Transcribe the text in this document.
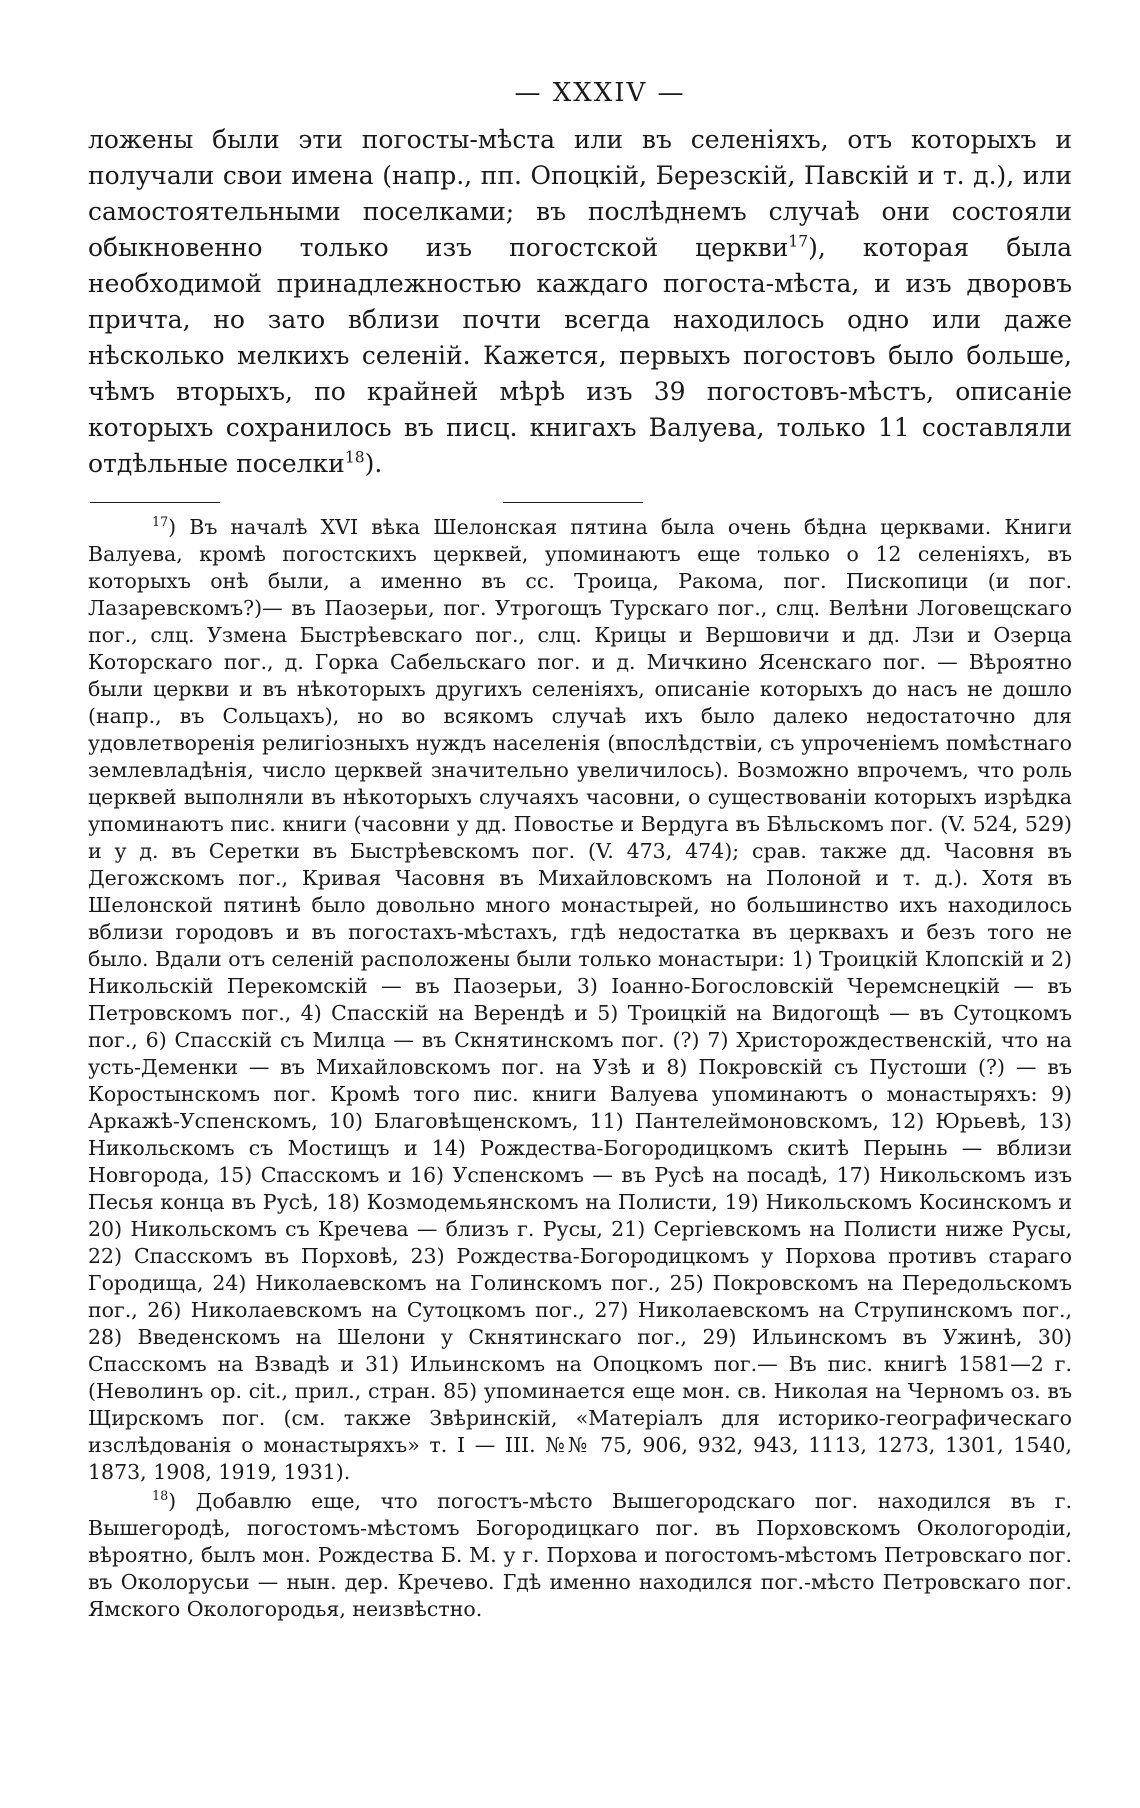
— XXXIV —

ложены были эти погосты-мѣста или въ селеніяхъ, отъ которыхъ и получали свои имена (напр., пп. Опоцкій, Березскій, Павскій и т. д.), или самостоятельными поселками; въ послѣднемъ случаѣ они состояли обыкновенно только изъ погостской церкви$^{17}$), которая была необходимой принадлежностью каждаго погоста-мѣста, и изъ дворовъ причта, но зато вблизи почти всегда находилось одно или даже нѣсколько мелкихъ селеній. Кажется, первыхъ погостовъ было больше, чѣмъ вторыхъ, по крайней мѣрѣ изъ 39 погостовъ-мѣстъ, описаніе которыхъ сохранилось въ писц. книгахъ Валуева, только 11 составляли отдѣльные поселки$^{18}$).

$^{17}$) Въ началѣ XVI вѣка Шелонская пятина была очень бѣдна церквами. Книги Валуева, кромѣ погостскихъ церквей, упоминаютъ еще только о 12 селеніяхъ, въ которыхъ онѣ были, а именно въ сс. Троица, Ракома, пог. Пископици (и пог. Лазаревскомъ?)— въ Паозерьи, пог. Утрогощъ Турскаго пог., слц. Велѣни Логовещскаго пог., слц. Узмена Быстрѣевскаго пог., слц. Крицы и Вершовичи и дд. Лзи и Озерца Которскаго пог., д. Горка Сабельскаго пог. и д. Мичкино Ясенскаго пог. — Вѣроятно были церкви и въ нѣкоторыхъ другихъ селеніяхъ, описаніе которыхъ до насъ не дошло (напр., въ Сольцахъ), но во всякомъ случаѣ ихъ было далеко недостаточно для удовлетворенія религіозныхъ нуждъ населенія (впослѣдствіи, съ упроченіемъ помѣстнаго землевладѣнія, число церквей значительно увеличилось). Возможно впрочемъ, что роль церквей выполняли въ нѣкоторыхъ случаяхъ часовни, о существованіи которыхъ изрѣдка упоминаютъ пис. книги (часовни у дд. Повостье и Вердуга въ Бѣльскомъ пог. (V. 524, 529) и у д. въ Серетки въ Быстрѣевскомъ пог. (V. 473, 474); срав. также дд. Часовня въ Дегожскомъ пог., Кривая Часовня въ Михайловскомъ на Полоной и т. д.). Хотя въ Шелонской пятинѣ было довольно много монастырей, но большинство ихъ находилось вблизи городовъ и въ погостахъ-мѣстахъ, гдѣ недостатка въ церквахъ и безъ того не было. Вдали отъ селеній расположены были только монастыри: 1) Троицкій Клопскій и 2) Никольскій Перекомскій — въ Паозерьи, 3) Іоанно-Богословскій Черемснецкій — въ Петровскомъ пог., 4) Спасскій на Верендѣ и 5) Троицкій на Видогощѣ — въ Сутоцкомъ пог., 6) Спасскій съ Милца — въ Скнятинскомъ пог. (?) 7) Христорождественскій, что на усть-Деменки — въ Михайловскомъ пог. на Узѣ и 8) Покровскій съ Пустоши (?) — въ Коростынскомъ пог. Кромѣ того пис. книги Валуева упоминаютъ о монастыряхъ: 9) Аркажѣ-Успенскомъ, 10) Благовѣщенскомъ, 11) Пантелеймоновскомъ, 12) Юрьевѣ, 13) Никольскомъ съ Мостищъ и 14) Рождества-Богородицкомъ скитѣ Перынь — вблизи Новгорода, 15) Спасскомъ и 16) Успенскомъ — въ Русѣ на посадѣ, 17) Никольскомъ изъ Песья конца въ Русѣ, 18) Козмодемьянскомъ на Полисти, 19) Никольскомъ Косинскомъ и 20) Никольскомъ съ Кречева — близъ г. Русы, 21) Сергіевскомъ на Полисти ниже Русы, 22) Спасскомъ въ Порховѣ, 23) Рождества-Богородицкомъ у Порхова противъ стараго Городища, 24) Николаевскомъ на Голинскомъ пог., 25) Покровскомъ на Передольскомъ пог., 26) Николаевскомъ на Сутоцкомъ пог., 27) Николаевскомъ на Струпинскомъ пог., 28) Введенскомъ на Шелони у Скнятинскаго пог., 29) Ильинскомъ въ Ужинѣ, 30) Спасскомъ на Взвадѣ и 31) Ильинскомъ на Опоцкомъ пог.— Въ пис. книгѣ 1581—2 г. (Неволинъ ор. cit., прил., стран. 85) упоминается еще мон. св. Николая на Черномъ оз. въ Щирскомъ пог. (см. также Звѣринскій, «Матеріалъ для историко-географическаго изслѣдованія о монастыряхъ» т. I — III. №№ 75, 906, 932, 943, 1113, 1273, 1301, 1540, 1873, 1908, 1919, 1931).

$^{18}$) Добавлю еще, что погостъ-мѣсто Вышегородскаго пог. находился въ г. Вышегородѣ, погостомъ-мѣстомъ Богородицкаго пог. въ Порховскомъ Окологородіи, вѣроятно, былъ мон. Рождества Б. М. у г. Порхова и погостомъ-мѣстомъ Петровскаго пог. въ Околорусьи — нын. дер. Кречево. Гдѣ именно находился пог.-мѣсто Петровскаго пог. Ямского Окологородья, неизвѣстно.
